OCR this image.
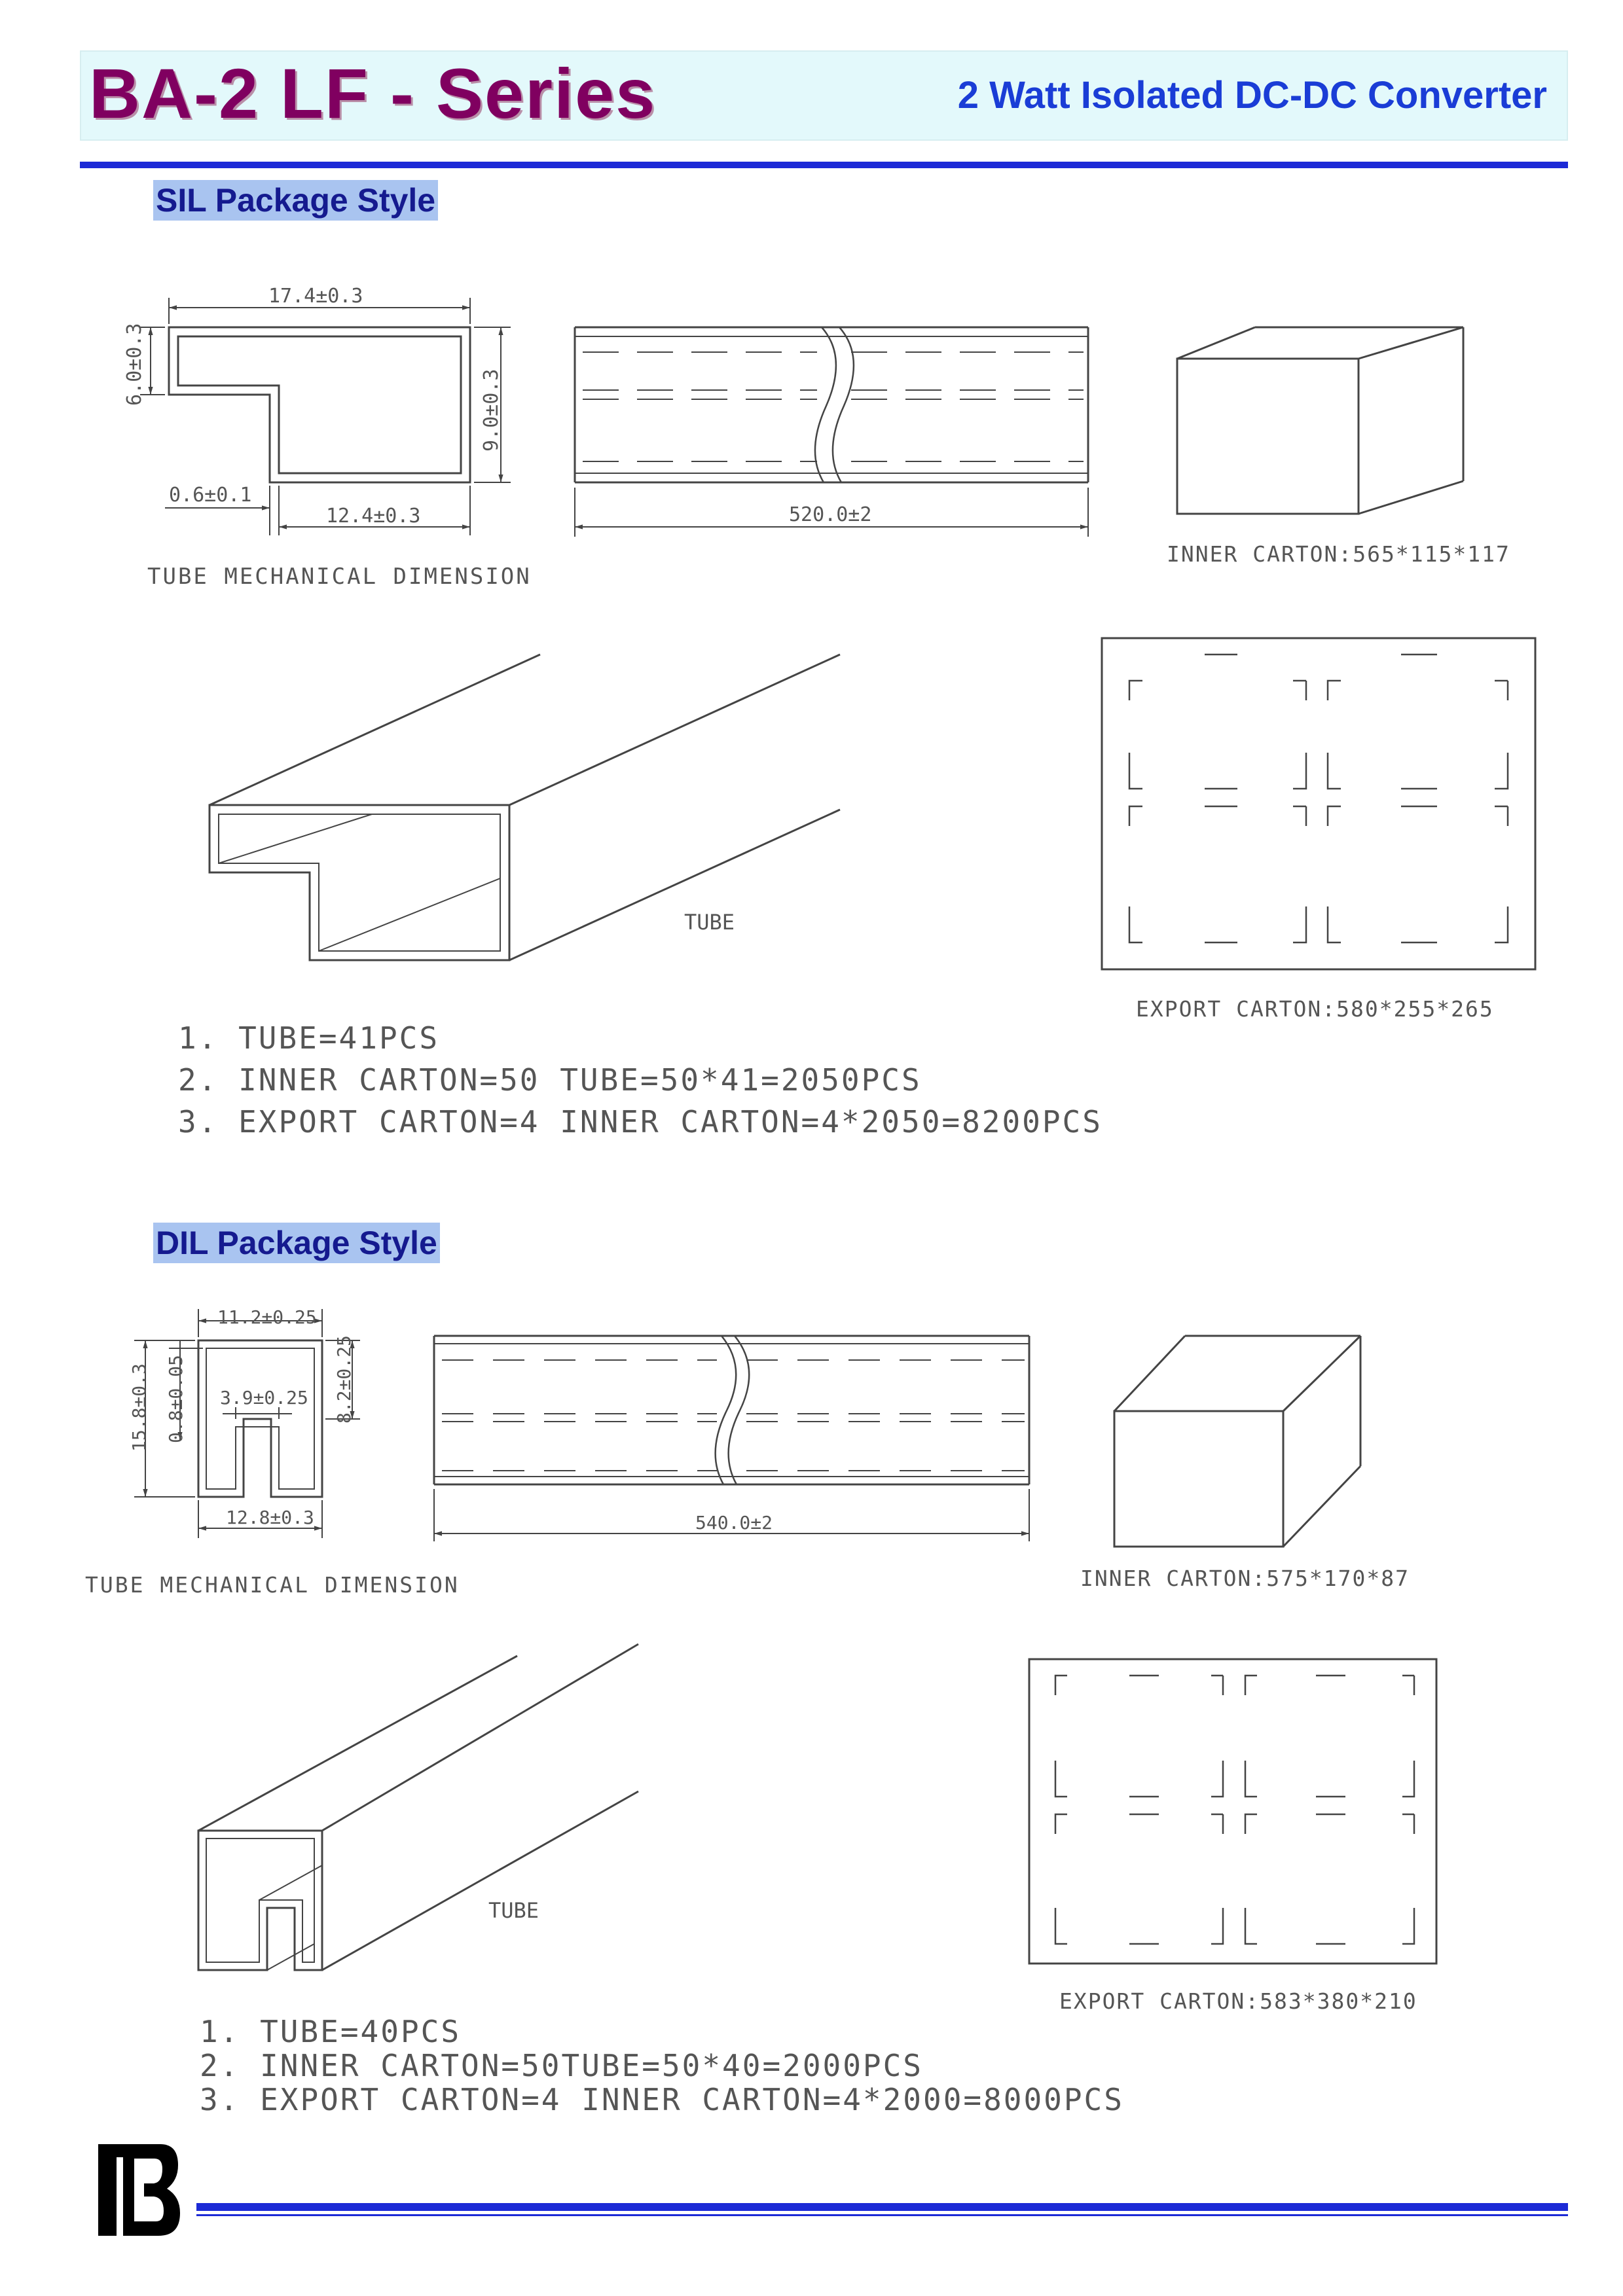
BA-2 LF - Series	2 Watt Isolated DC-DC Converter
SIL Package Style
DIL Package Style
17.4±0.3
6.0±0.3
9.0±0.3
0.6±0.1
12.4±0.3	520.0±2
TUBE MECHANICAL DIMENSION
INNER CARTON:565*115*117
TUBE
EXPORT CARTON:580*255*265
1. TUBE=41PCS
2. INNER CARTON=50 TUBE=50*41=2050PCS
3. EXPORT CARTON=4 INNER CARTON=4*2050=8200PCS
11.2±0.25
15.8±0.3 0.8±0.05 3.9±0.25 8.2±0.25
12.8±0.3	540.0±2
TUBE MECHANICAL DIMENSION	INNER CARTON:575*170*87
TUBE
EXPORT CARTON:583*380*210
1. TUBE=40PCS
2. INNER CARTON=50TUBE=50*40=2000PCS
3. EXPORT CARTON=4 INNER CARTON=4*2000=8000PCS
